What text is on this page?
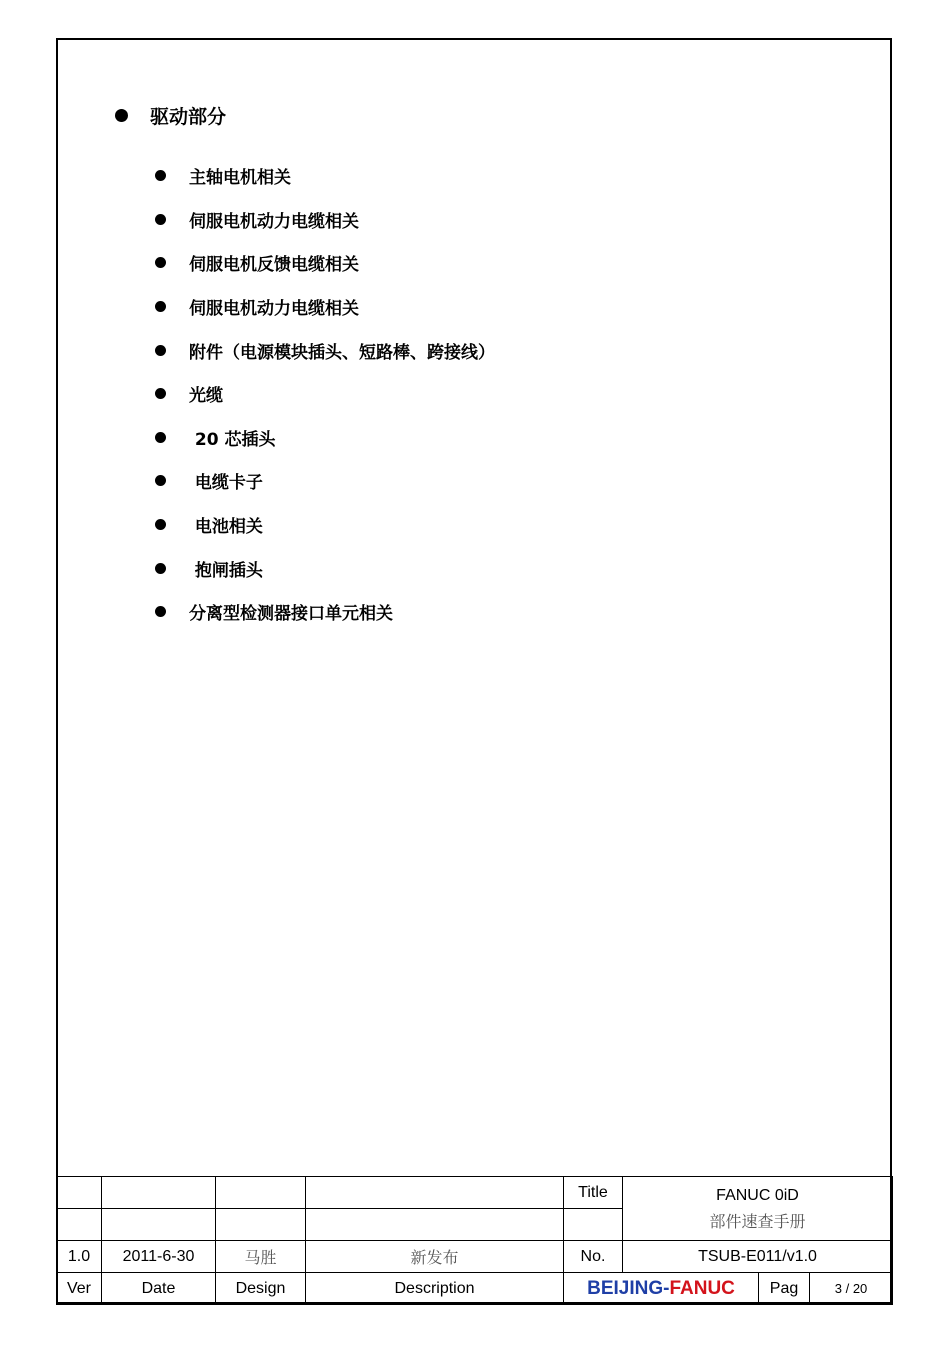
驱动部分
主轴电机相关
伺服电机动力电缆相关
伺服电机反馈电缆相关
伺服电机动力电缆相关
附件（电源模块插头、短路棒、跨接线）
光缆
20 芯插头
电缆卡子
电池相关
抱闸插头
分离型检测器接口单元相关
				Title	FANUC 0iD
部件速查手册		

1.0	2011-6-30	马胜	新发布	No.	TSUB-E011/v1.0		
Ver	Date	Design	Description	BEIJING-FANUC		Pag	3 / 20
